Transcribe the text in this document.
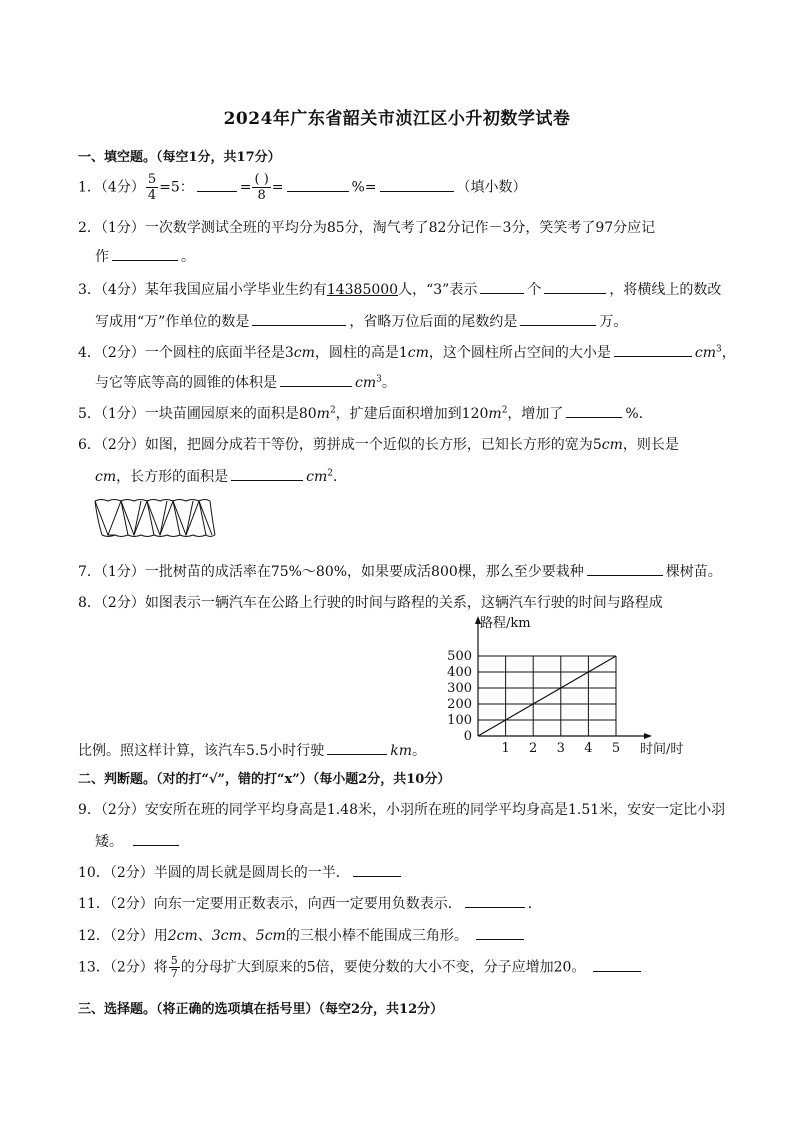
2024年广东省韶关市浈江区小升初数学试卷
一、填空题。（每空1分，共17分）
1．（4分） $\frac{5}{4} =5$：	= $\frac{( )}{8}$ =	%=	（填小数）
2．（1分）一次数学测试全班的平均分为85分，淘气考了82分记作－3分，笑笑考了97分应记
作	。
3．（4分）某年我国应届小学毕业生约有14385000人，“3”表示	个	，将横线上的数改
写成用“万”作单位的数是	，省略万位后面的尾数约是	万。
4．（2分）一个圆柱的底面半径是3cm，圆柱的高是1cm，这个圆柱所占空间的大小是	$cm^3$，
与它等底等高的圆锥的体积是	$cm^3$。
5．（1分）一块苗圃园原来的面积是$80m^2$，扩建后面积增加到$120m^2$，增加了	%．
6．（2分）如图，把圆分成若干等份，剪拼成一个近似的长方形，已知长方形的宽为5cm，则长是
cm，长方形的面积是	$cm^2$．
7．（1分）一批树苗的成活率在75%～80%，如果要成活800棵，那么至少要栽种	棵树苗。
8．（2分）如图表示一辆汽车在公路上行驶的时间与路程的关系，这辆汽车行驶的时间与路程成
0
100
200
300
400
500
1 2 3 4 5
路程/km
时间/时
比例。照这样计算，该汽车5.5小时行驶	km。
二、判断题。（对的打“√”，错的打“x”）（每小题2分，共10分）
9．（2分）安安所在班的同学平均身高是1.48米，小羽所在班的同学平均身高是1.51米，安安一定比小羽
矮。
10．（2分）半圆的周长就是圆周长的一半．
11．（2分）向东一定要用正数表示，向西一定要用负数表示．	．
12．（2分）用2cm、3cm、5cm的三根小棒不能围成三角形。
13．（2分）将 $\frac{5}{7}$ 的分母扩大到原来的5倍，要使分数的大小不变，分子应增加20。
三、选择题。（将正确的选项填在括号里）（每空2分，共12分）
